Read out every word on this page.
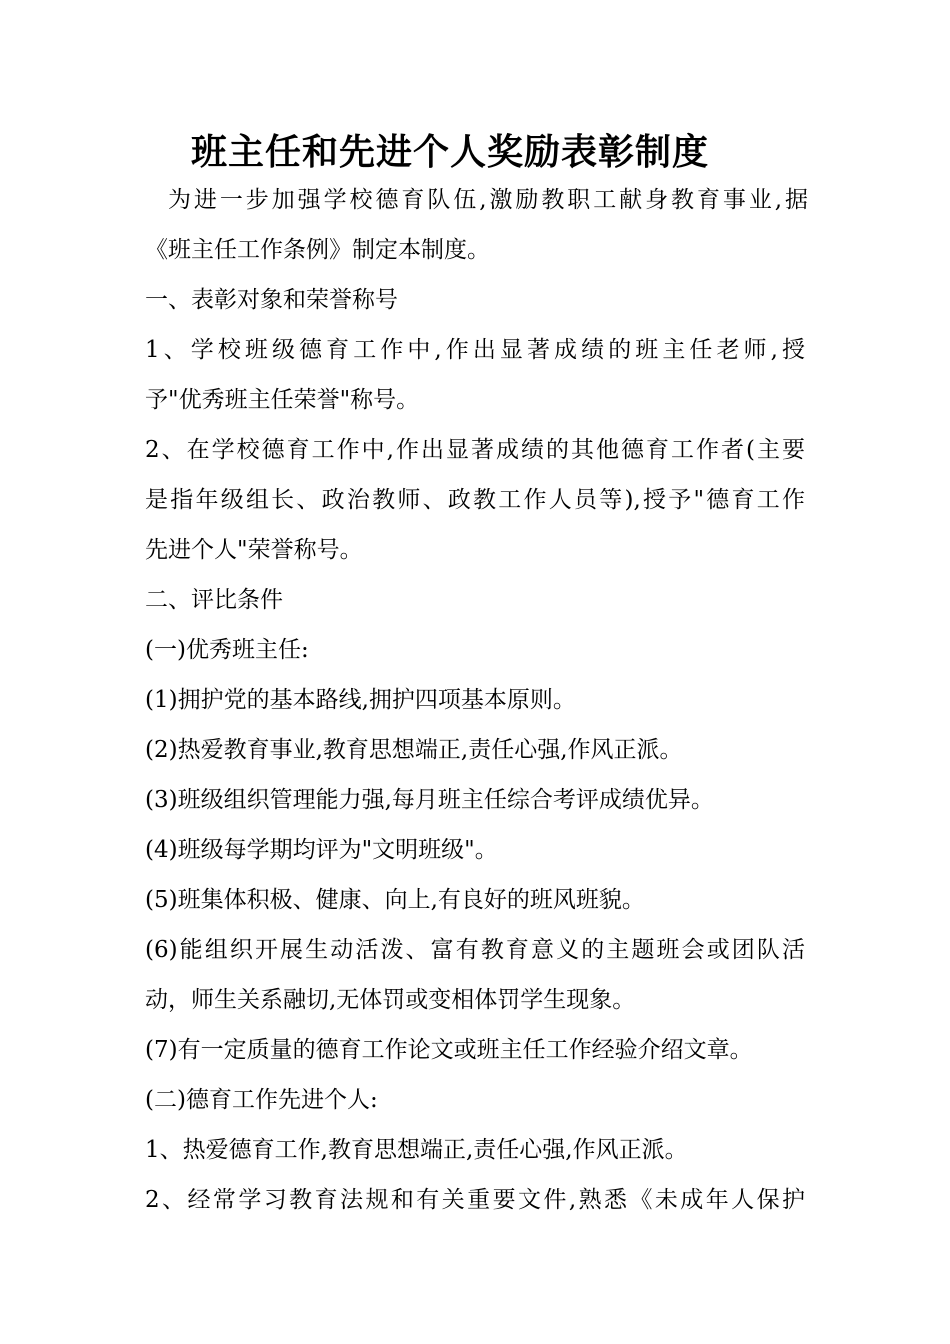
班主任和先进个人奖励表彰制度
为进一步加强学校德育队伍,激励教职工献身教育事业,据
《班主任工作条例》制定本制度。
一、表彰对象和荣誉称号
1、学校班级德育工作中,作出显著成绩的班主任老师,授
予"优秀班主任荣誉"称号。
2、在学校德育工作中,作出显著成绩的其他德育工作者(主要
是指年级组长、政治教师、政教工作人员等),授予"德育工作
先进个人"荣誉称号。
二、评比条件
(一)优秀班主任:
(1)拥护党的基本路线,拥护四项基本原则。
(2)热爱教育事业,教育思想端正,责任心强,作风正派。
(3)班级组织管理能力强,每月班主任综合考评成绩优异。
(4)班级每学期均评为"文明班级"。
(5)班集体积极、健康、向上,有良好的班风班貌。
(6)能组织开展生动活泼、富有教育意义的主题班会或团队活
动，师生关系融切,无体罚或变相体罚学生现象。
(7)有一定质量的德育工作论文或班主任工作经验介绍文章。
(二)德育工作先进个人:
1、热爱德育工作,教育思想端正,责任心强,作风正派。
2、经常学习教育法规和有关重要文件,熟悉《未成年人保护
